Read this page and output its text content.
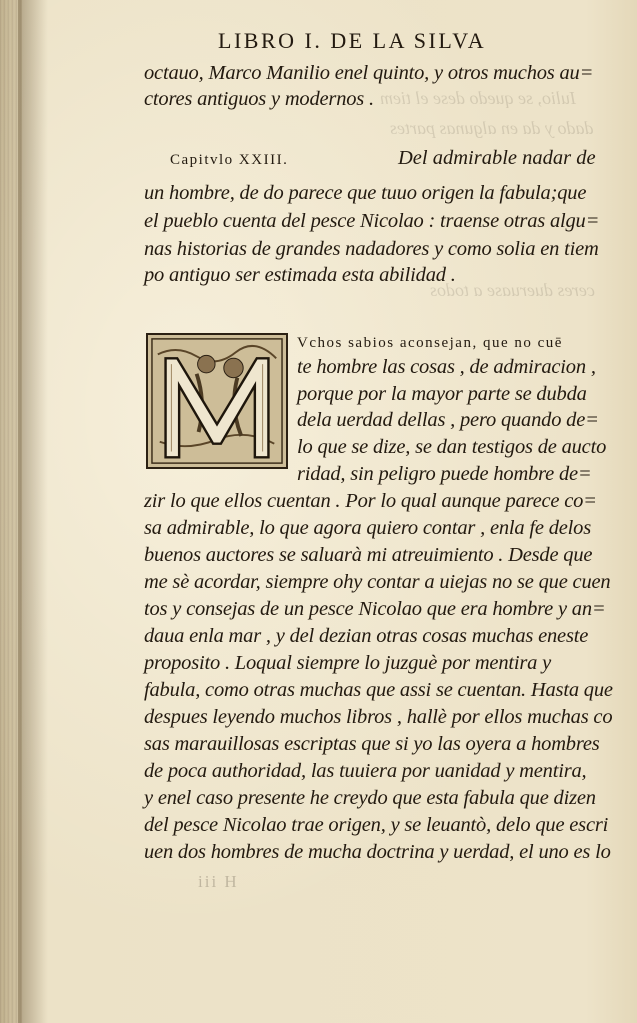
Iulio, se quedo dese el tiem
dado y da en algunas partes
ceres dueruase a todos
LIBRO I. DE LA SILVA
octauo, Marco Manilio enel quinto, y otros muchos au=
ctores antiguos y modernos .
Capitvlo XXIII.	Del admirable nadar de
un hombre, de do parece que tuuo origen la fabula;que
el pueblo cuenta del pesce Nicolao : traense otras algu=
nas historias de grandes nadadores y como solia en tiem
po antiguo ser estimada esta abilidad .
Vchos sabios aconsejan, que no cuē
te hombre las cosas , de admiracion ,
porque por la mayor parte se dubda
dela uerdad dellas , pero quando de=
lo que se dize, se dan testigos de aucto
ridad, sin peligro puede hombre de=
zir lo que ellos cuentan . Por lo qual aunque parece co=
sa admirable, lo que agora quiero contar , enla fe delos
buenos auctores se saluarà mi atreuimiento . Desde que
me sè acordar, siempre ohy contar a uiejas no se que cuen
tos y consejas de un pesce Nicolao que era hombre y an=
daua enla mar , y del dezian otras cosas muchas eneste
proposito . Loqual siempre lo juzguè por mentira y
fabula, como otras muchas que assi se cuentan. Hasta que
despues leyendo muchos libros , hallè por ellos muchas co
sas marauillosas escriptas que si yo las oyera a hombres
de poca authoridad, las tuuiera por uanidad y mentira,
y enel caso presente he creydo que esta fabula que dizen
del pesce Nicolao trae origen, y se leuantò, delo que escri
uen dos hombres de mucha doctrina y uerdad, el uno es lo
iii H
